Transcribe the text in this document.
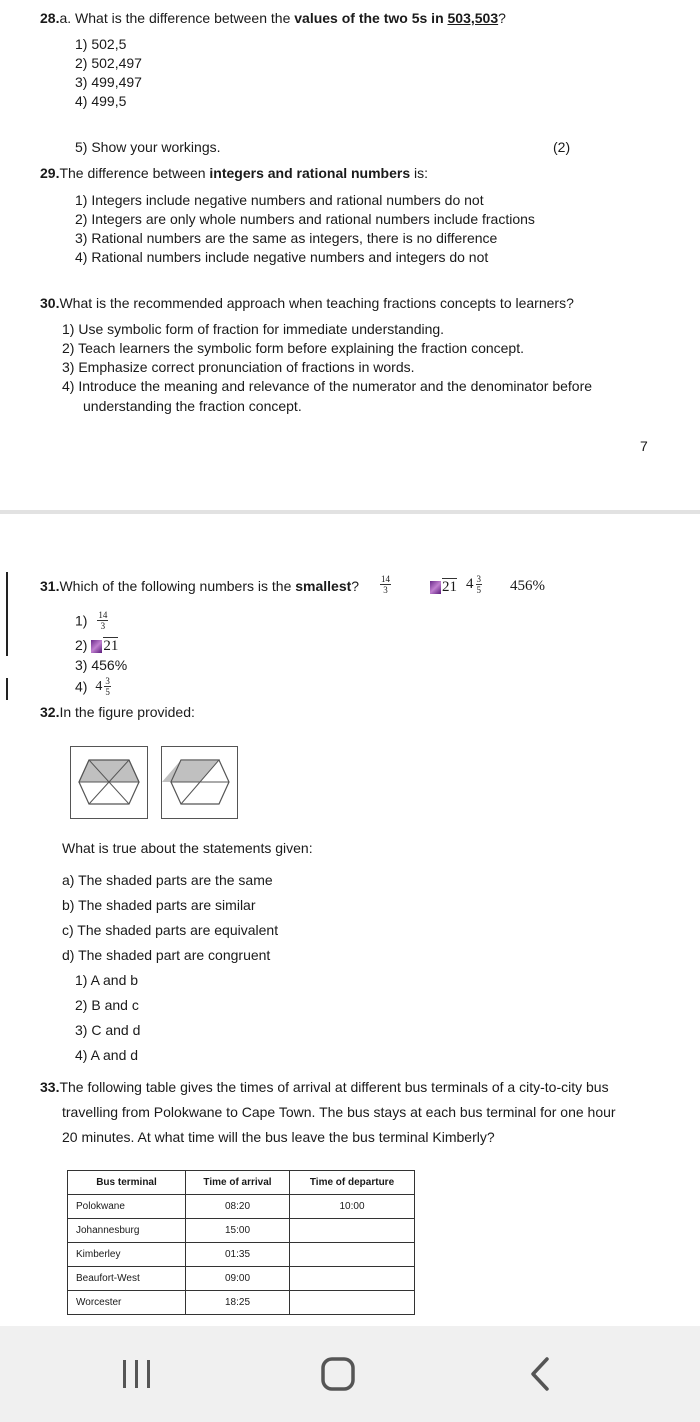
28.a. What is the difference between the values of the two 5s in 503,503?
1) 502,5
2) 502,497
3) 499,497
4) 499,5
5) Show your workings.	(2)
29.The difference between integers and rational numbers is:
1) Integers include negative numbers and rational numbers do not
2) Integers are only whole numbers and rational numbers include fractions
3) Rational numbers are the same as integers, there is no difference
4) Rational numbers include negative numbers and integers do not
30.What is the recommended approach when teaching fractions concepts to learners?
1) Use symbolic form of fraction for immediate understanding.
2) Teach learners the symbolic form before explaining the fraction concept.
3) Emphasize correct pronunciation of fractions in words.
4) Introduce the meaning and relevance of the numerator and the denominator before
understanding the fraction concept.
7
31.Which of the following numbers is the smallest? $\frac{14}{3}$	21 $4 \frac{3}{5} 456\%$
$1) \frac{14}{3}$
2) 21
3) 456%
4) $4 \frac{3}{5}$
32.In the figure provided:
What is true about the statements given:
a) The shaded parts are the same
b) The shaded parts are similar
c) The shaded parts are equivalent
d) The shaded part are congruent
1) A and b
2) B and c
3) C and d
4) A and d
33.The following table gives the times of arrival at different bus terminals of a city-to-city bus
travelling from Polokwane to Cape Town. The bus stays at each bus terminal for one hour
20 minutes. At what time will the bus leave the bus terminal Kimberly?
Bus terminal	Time of arrival	Time of departure
Polokwane	08:20	10:00
Johannesburg	15:00	
Kimberley	01:35	
Beaufort-West	09:00	
Worcester	18:25	
